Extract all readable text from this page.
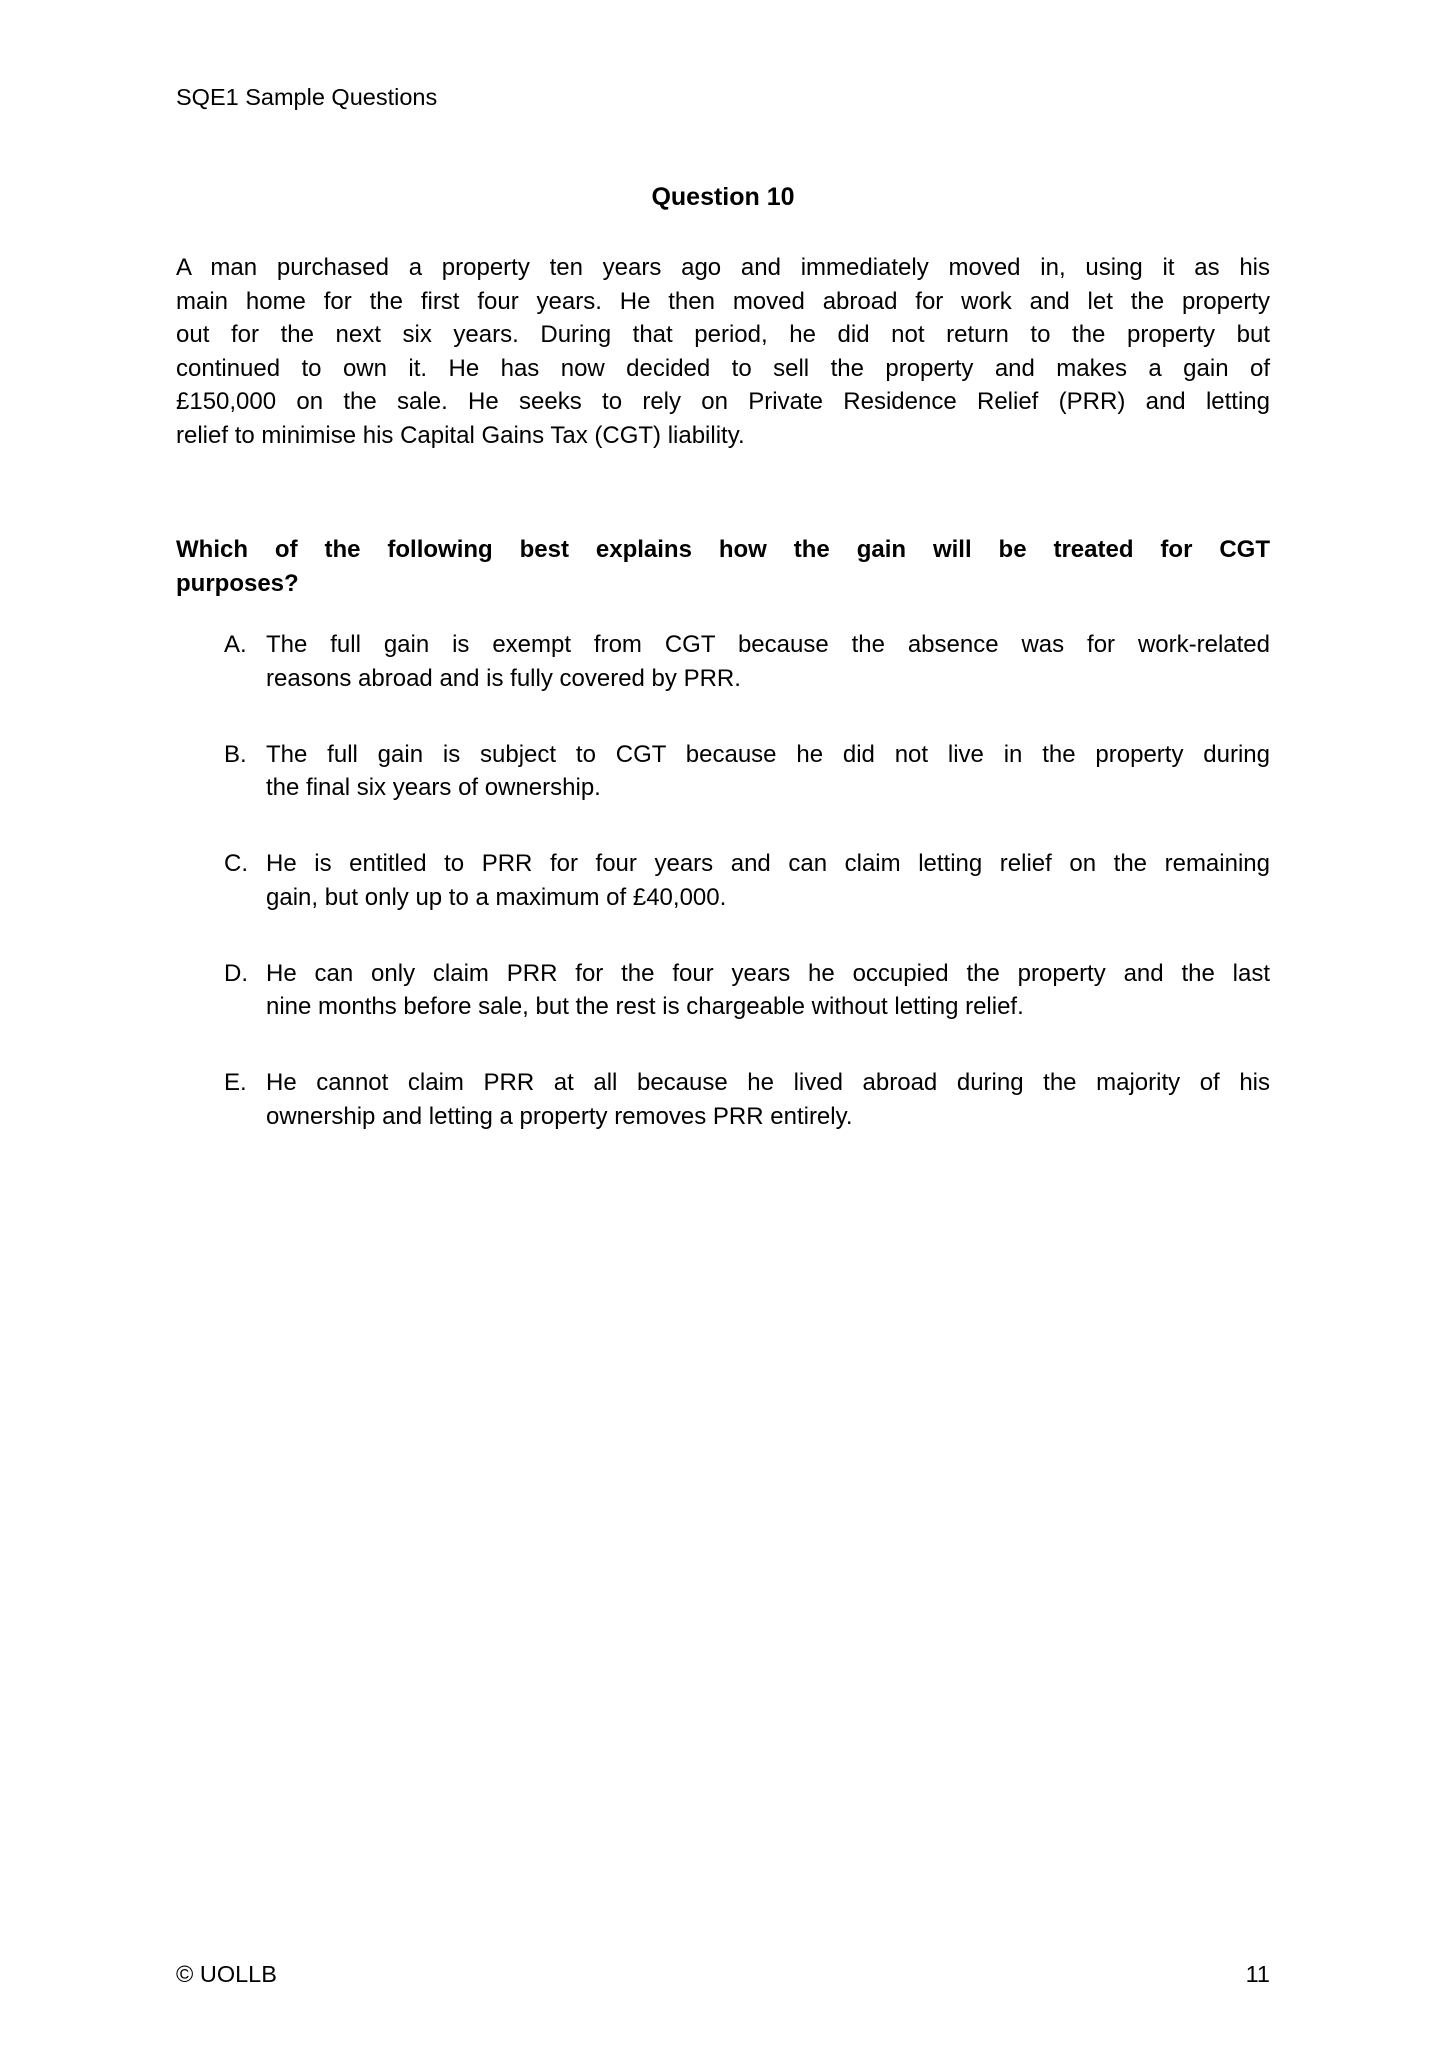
SQE1 Sample Questions
Question 10
A man purchased a property ten years ago and immediately moved in, using it as his
main home for the first four years. He then moved abroad for work and let the property
out for the next six years. During that period, he did not return to the property but
continued to own it. He has now decided to sell the property and makes a gain of
£150,000 on the sale. He seeks to rely on Private Residence Relief (PRR) and letting
relief to minimise his Capital Gains Tax (CGT) liability.
Which of the following best explains how the gain will be treated for CGT
purposes?
A. The full gain is exempt from CGT because the absence was for work-related
reasons abroad and is fully covered by PRR.
B. The full gain is subject to CGT because he did not live in the property during
the final six years of ownership.
C. He is entitled to PRR for four years and can claim letting relief on the remaining
gain, but only up to a maximum of £40,000.
D. He can only claim PRR for the four years he occupied the property and the last
nine months before sale, but the rest is chargeable without letting relief.
E. He cannot claim PRR at all because he lived abroad during the majority of his
ownership and letting a property removes PRR entirely.
© UOLLB	11
